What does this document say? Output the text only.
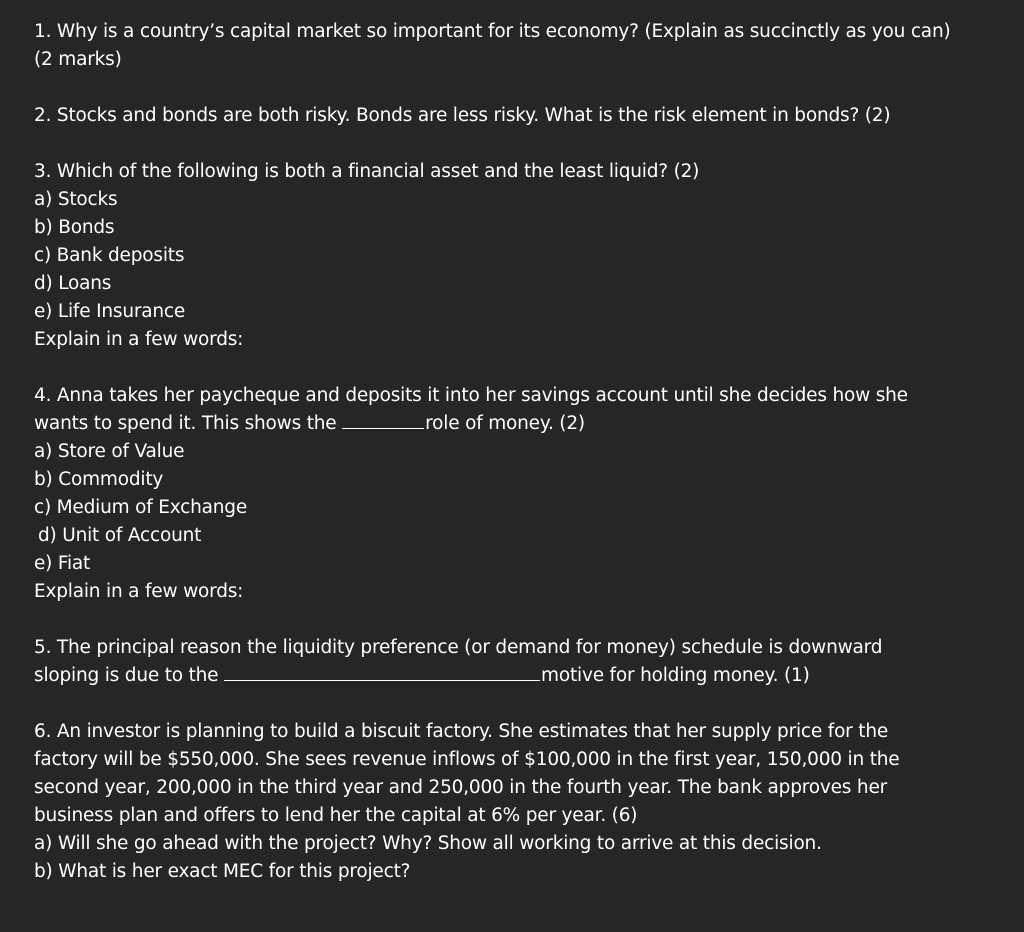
1. Why is a country’s capital market so important for its economy? (Explain as succinctly as you can)
(2 marks)
2. Stocks and bonds are both risky. Bonds are less risky. What is the risk element in bonds? (2)
3. Which of the following is both a financial asset and the least liquid? (2)
a) Stocks
b) Bonds
c) Bank deposits
d) Loans
e) Life Insurance
Explain in a few words:
4. Anna takes her paycheque and deposits it into her savings account until she decides how she
wants to spend it. This shows the	role of money. (2)
a) Store of Value
b) Commodity
c) Medium of Exchange
d) Unit of Account
e) Fiat
Explain in a few words:
5. The principal reason the liquidity preference (or demand for money) schedule is downward
sloping is due to the	motive for holding money. (1)
6. An investor is planning to build a biscuit factory. She estimates that her supply price for the
factory will be $550,000. She sees revenue inflows of $100,000 in the first year, 150,000 in the
second year, 200,000 in the third year and 250,000 in the fourth year. The bank approves her
business plan and offers to lend her the capital at 6% per year. (6)
a) Will she go ahead with the project? Why? Show all working to arrive at this decision.
b) What is her exact MEC for this project?
